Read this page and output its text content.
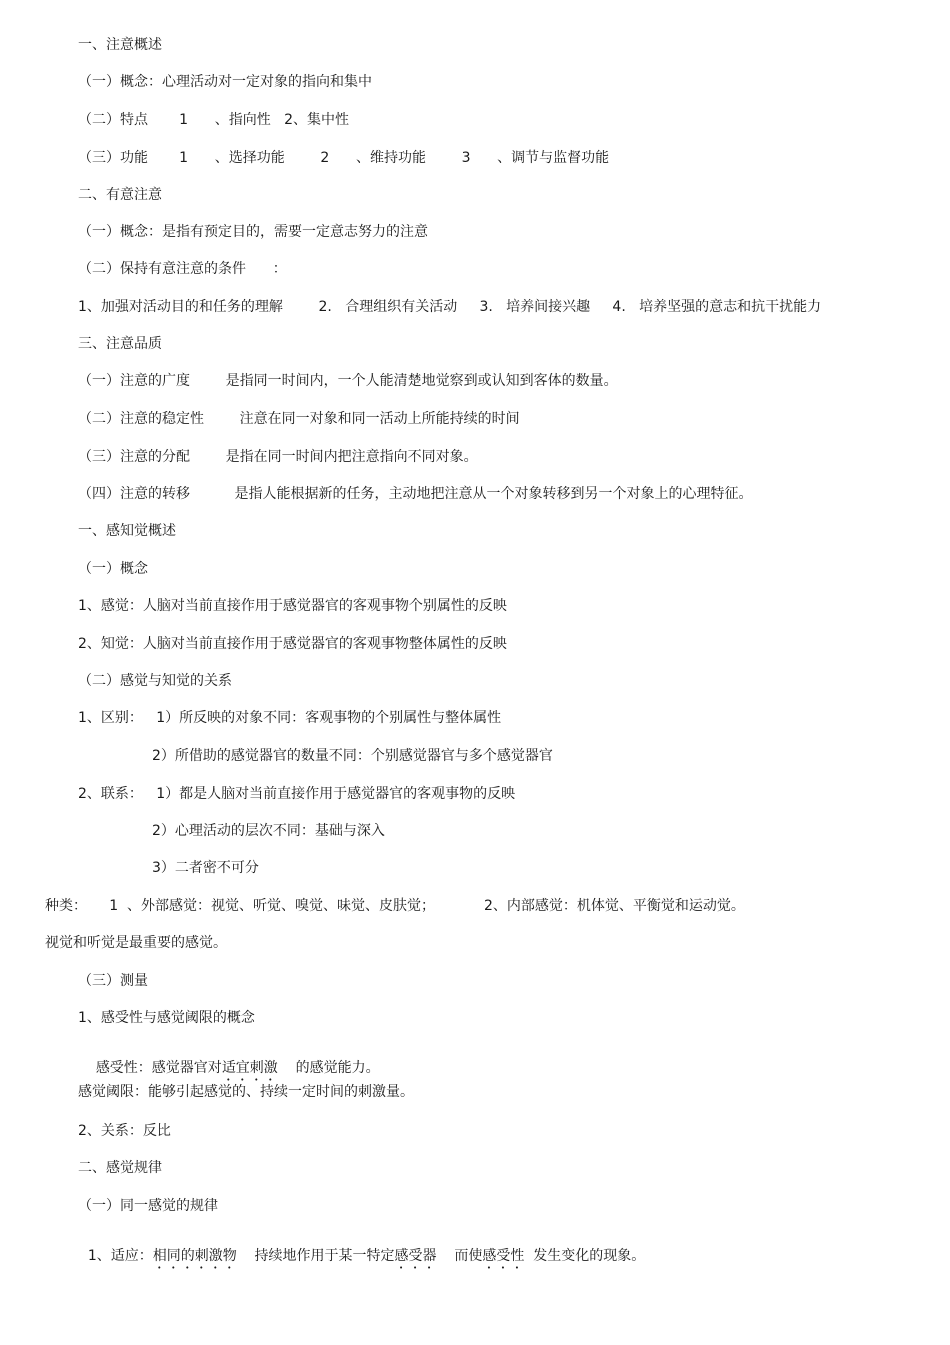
一、注意概述
（一）概念：心理活动对一定对象的指向和集中
（二）特点       1      、指向性   2、集中性
（三）功能       1      、选择功能        2      、维持功能        3      、调节与监督功能
二、有意注意
（一）概念：是指有预定目的，需要一定意志努力的注意
（二）保持有意注意的条件      ：
1、加强对活动目的和任务的理解        2.   合理组织有关活动     3.   培养间接兴趣     4.   培养坚强的意志和抗干扰能力
三、注意品质
（一）注意的广度        是指同一时间内，一个人能清楚地觉察到或认知到客体的数量。
（二）注意的稳定性        注意在同一对象和同一活动上所能持续的时间
（三）注意的分配        是指在同一时间内把注意指向不同对象。
（四）注意的转移          是指人能根据新的任务，主动地把注意从一个对象转移到另一个对象上的心理特征。
一、感知觉概述
（一）概念
1、感觉：人脑对当前直接作用于感觉器官的客观事物个别属性的反映
2、知觉：人脑对当前直接作用于感觉器官的客观事物整体属性的反映
（二）感觉与知觉的关系
1、区别：   1）所反映的对象不同：客观事物的个别属性与整体属性
2）所借助的感觉器官的数量不同：个别感觉器官与多个感觉器官
2、联系：   1）都是人脑对当前直接作用于感觉器官的客观事物的反映
2）心理活动的层次不同：基础与深入
3）二者密不可分
种类：     1  、外部感觉：视觉、听觉、嗅觉、味觉、皮肤觉；           2、内部感觉：机体觉、平衡觉和运动觉。
视觉和听觉是最重要的感觉。
（三）测量
1、感受性与感觉阈限的概念

感受性：感觉器官对适宜刺激    的感觉能力。

感觉阈限：能够引起感觉的、持续一定时间的刺激量。
2、关系：反比
二、感觉规律
（一）同一感觉的规律

1、适应：相同的刺激物    持续地作用于某一特定感受器    而使感受性  发生变化的现象。
